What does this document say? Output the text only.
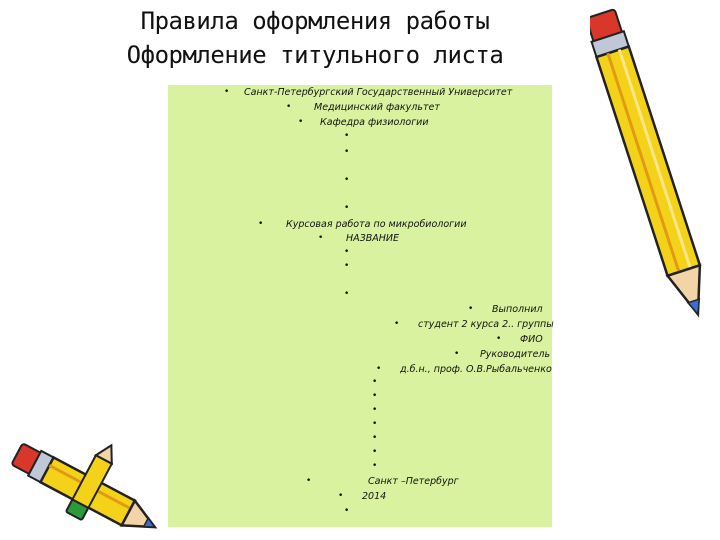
Правила оформления работы
Оформление титульного листа
• Санкт-Петербургский Государственный Университет
• Медицинский факультет
• Кафедра физиологии
•
•
•
•
• Курсовая работа по микробиологии
• НАЗВАНИЕ
•
•
•
• Выполнил
• студент 2 курса 2.. группы
• ФИО
• Руководитель
• д.б.н., проф. О.В.Рыбальченко
•
•
•
•
•
•
•
•	Санкт –Петербург
• 2014
•
